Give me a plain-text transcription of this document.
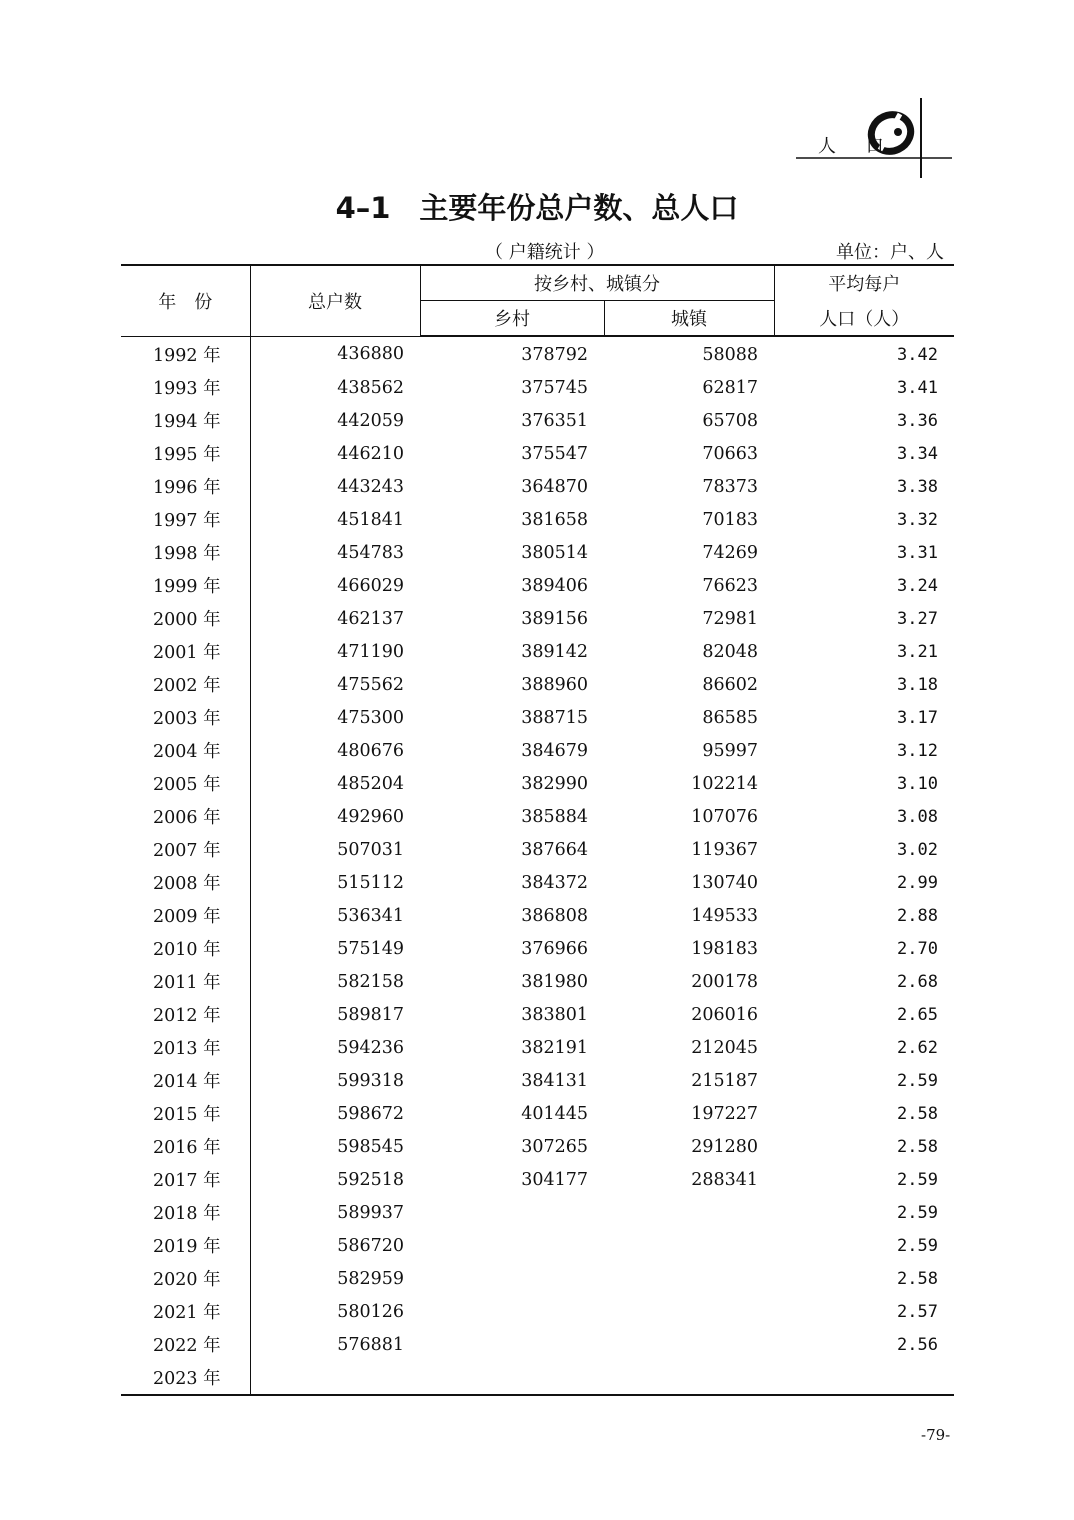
人 口
4–1　主要年份总户数、总人口
（ 户籍统计 ）	单位：户、人
年　份	总户数	按乡村、城镇分		平均每户
		乡村	城镇	人口（人）
1992 年	436880	378792	58088	3.42
1993 年	438562	375745	62817	3.41
1994 年	442059	376351	65708	3.36
1995 年	446210	375547	70663	3.34
1996 年	443243	364870	78373	3.38
1997 年	451841	381658	70183	3.32
1998 年	454783	380514	74269	3.31
1999 年	466029	389406	76623	3.24
2000 年	462137	389156	72981	3.27
2001 年	471190	389142	82048	3.21
2002 年	475562	388960	86602	3.18
2003 年	475300	388715	86585	3.17
2004 年	480676	384679	95997	3.12
2005 年	485204	382990	102214	3.10
2006 年	492960	385884	107076	3.08
2007 年	507031	387664	119367	3.02
2008 年	515112	384372	130740	2.99
2009 年	536341	386808	149533	2.88
2010 年	575149	376966	198183	2.70
2011 年	582158	381980	200178	2.68
2012 年	589817	383801	206016	2.65
2013 年	594236	382191	212045	2.62
2014 年	599318	384131	215187	2.59
2015 年	598672	401445	197227	2.58
2016 年	598545	307265	291280	2.58
2017 年	592518	304177	288341	2.59
2018 年	589937			2.59
2019 年	586720			2.59
2020 年	582959			2.58
2021 年	580126			2.57
2022 年	576881			2.56
2023 年				
-79-
